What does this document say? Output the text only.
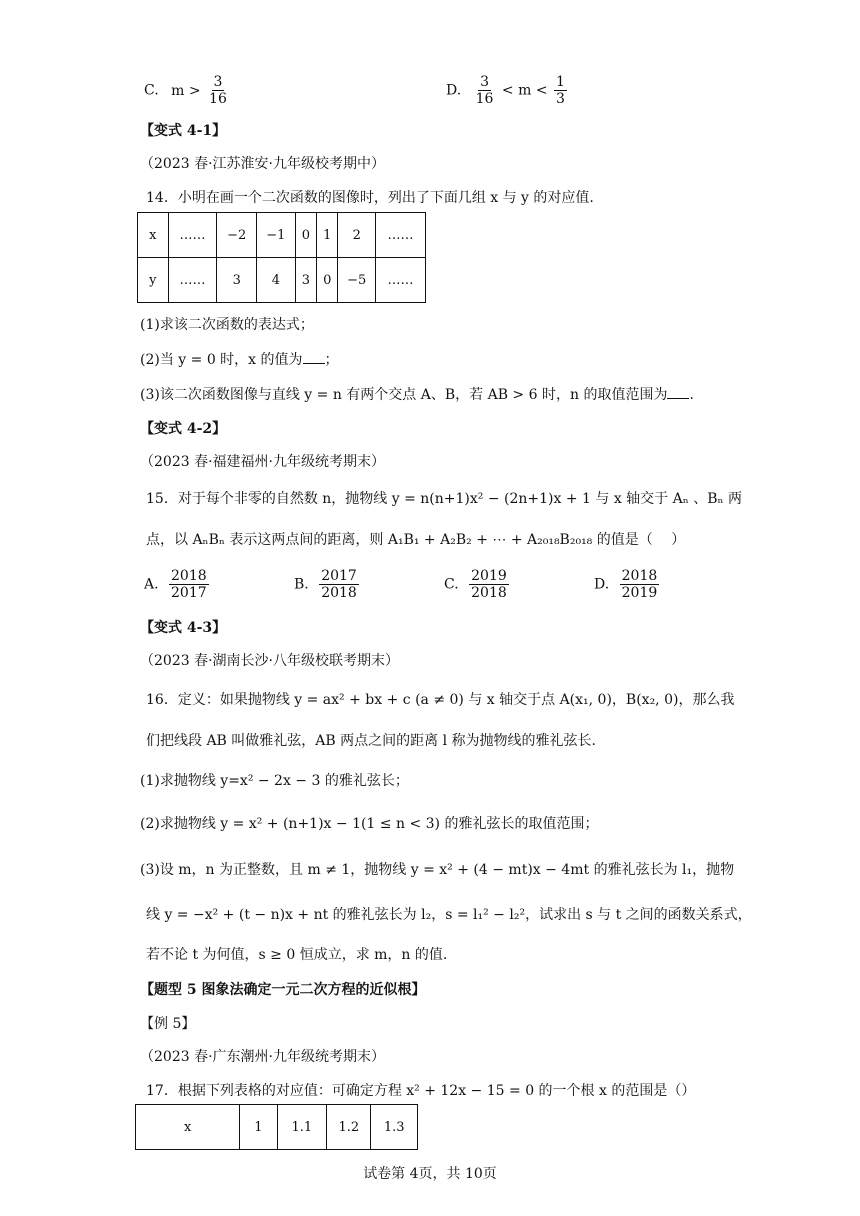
C. $m > \frac{3}{16}$	D. $\frac{3}{16} < m < \frac{1}{3}$
【变式 4-1】
（2023 春·江苏淮安·九年级校考期中）
14．小明在画一个二次函数的图像时，列出了下面几组 x 与 y 的对应值.
x	……	−2	−1	0	1	2	……
y	……	3	4	3	0	−5	……
(1)求该二次函数的表达式；
(2)当 y = 0 时，x 的值为 ；
(3)该二次函数图像与直线 y = n 有两个交点 A、B，若 AB > 6 时，n 的取值范围为 .
【变式 4-2】
（2023 春·福建福州·九年级统考期末）
15．对于每个非零的自然数 n，抛物线 y = n(n+1)x² − (2n+1)x + 1 与 x 轴交于 Aₙ 、Bₙ 两
点，以 AₙBₙ 表示这两点间的距离，则 A₁B₁ + A₂B₂ + ⋯ + A₂₀₁₈B₂₀₁₈ 的值是（　 ）
A. $\frac{2018}{2017}$	B. $\frac{2017}{2018}$	C. $\frac{2019}{2018}$	D. $\frac{2018}{2019}$
【变式 4-3】
（2023 春·湖南长沙·八年级校联考期末）
16．定义：如果抛物线 y = ax² + bx + c (a ≠ 0) 与 x 轴交于点 A(x₁, 0)，B(x₂, 0)，那么我
们把线段 AB 叫做雅礼弦，AB 两点之间的距离 l 称为抛物线的雅礼弦长.
(1)求抛物线 y=x² − 2x − 3 的雅礼弦长；
(2)求抛物线 y = x² + (n+1)x − 1(1 ≤ n < 3) 的雅礼弦长的取值范围；
(3)设 m，n 为正整数，且 m ≠ 1，抛物线 y = x² + (4 − mt)x − 4mt 的雅礼弦长为 l₁，抛物
线 y = −x² + (t − n)x + nt 的雅礼弦长为 l₂，s = l₁² − l₂²，试求出 s 与 t 之间的函数关系式，
若不论 t 为何值，s ≥ 0 恒成立，求 m，n 的值.
【题型 5 图象法确定一元二次方程的近似根】
【例 5】
（2023 春·广东潮州·九年级统考期末）
17．根据下列表格的对应值：可确定方程 x² + 12x − 15 = 0 的一个根 x 的范围是（）
x	1	1.1	1.2	1.3
试卷第 4页，共 10页
